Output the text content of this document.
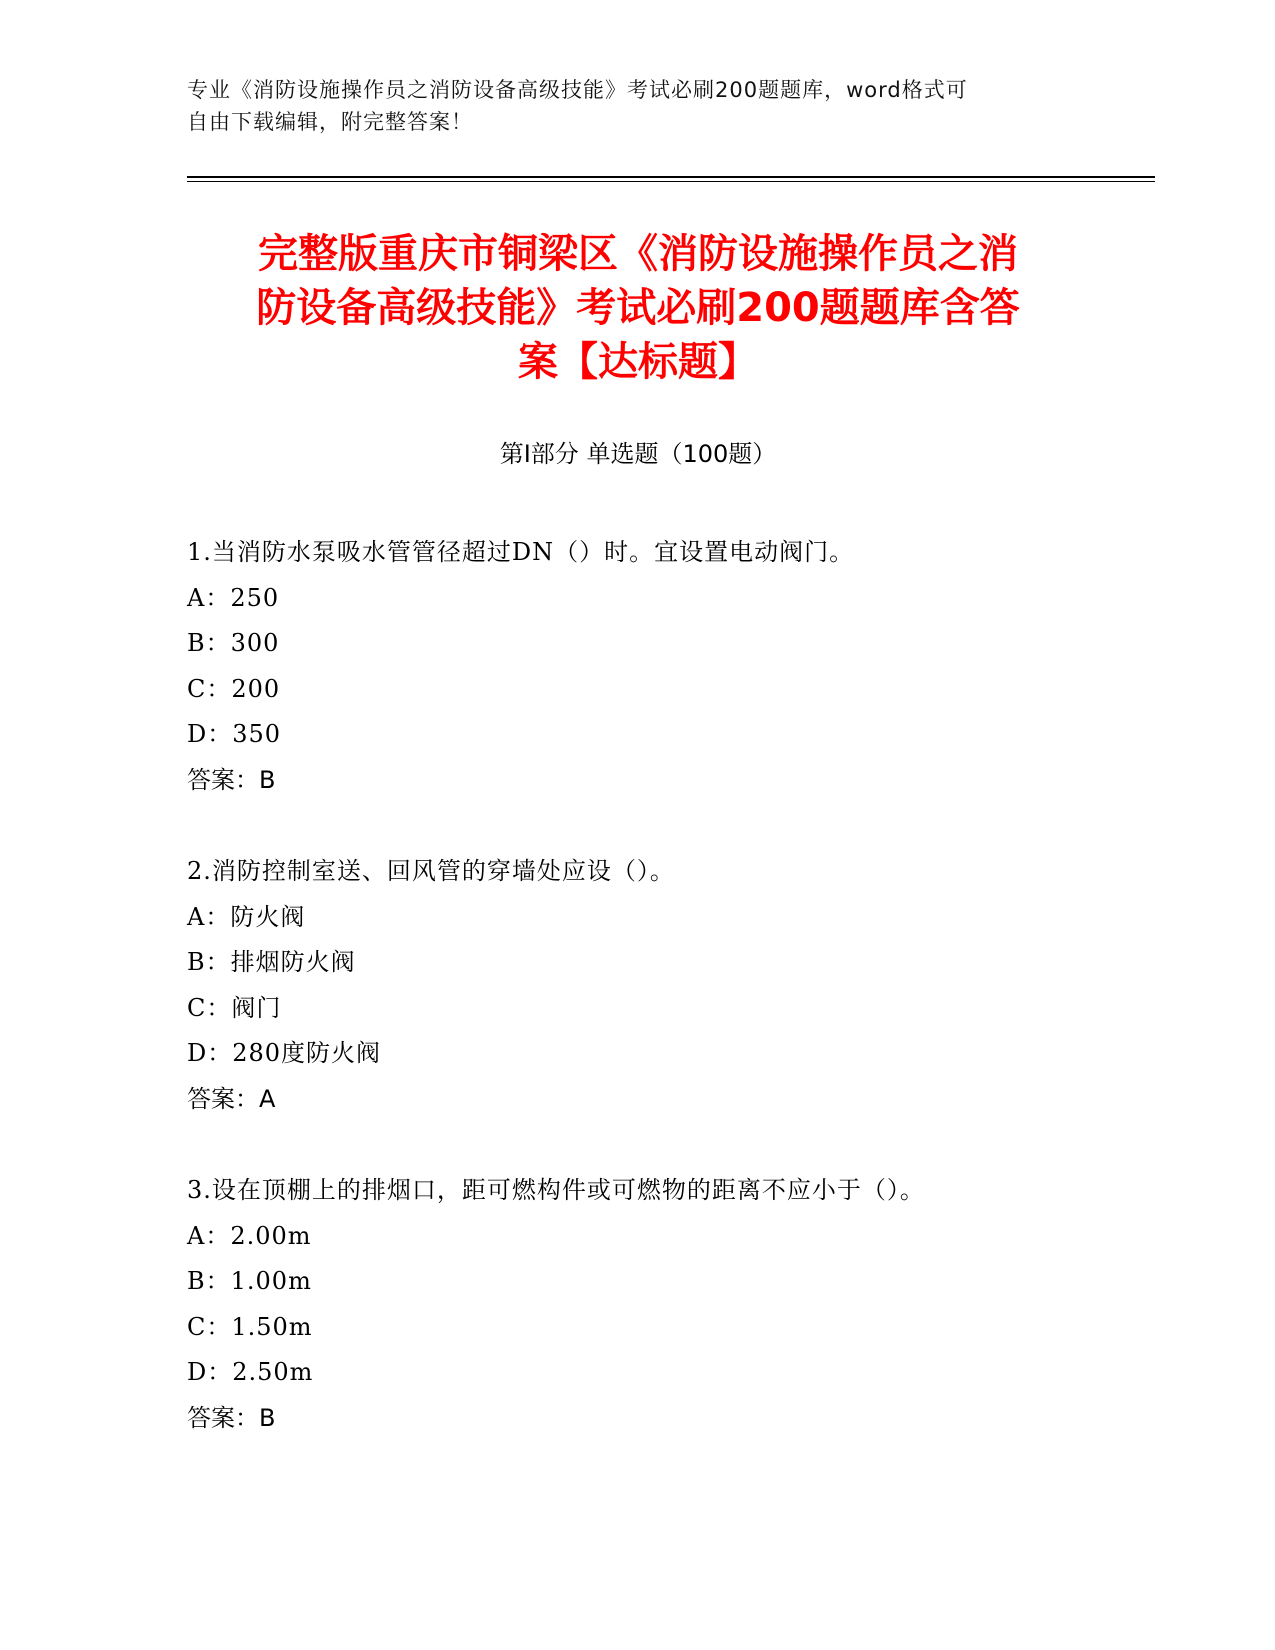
专业《消防设施操作员之消防设备高级技能》考试必刷200题题库，word格式可
自由下载编辑，附完整答案！
完整版重庆市铜梁区《消防设施操作员之消
防设备高级技能》考试必刷200题题库含答
案【达标题】
第Ⅰ部分 单选题（100题）
1.当消防水泵吸水管管径超过DN（）时。宜设置电动阀门。
A：250
B：300
C：200
D：350
答案：B
2.消防控制室送、回风管的穿墙处应设（）。
A：防火阀
B：排烟防火阀
C：阀门
D：280度防火阀
答案：A
3.设在顶棚上的排烟口，距可燃构件或可燃物的距离不应小于（）。
A：2.00m
B：1.00m
C：1.50m
D：2.50m
答案：B
